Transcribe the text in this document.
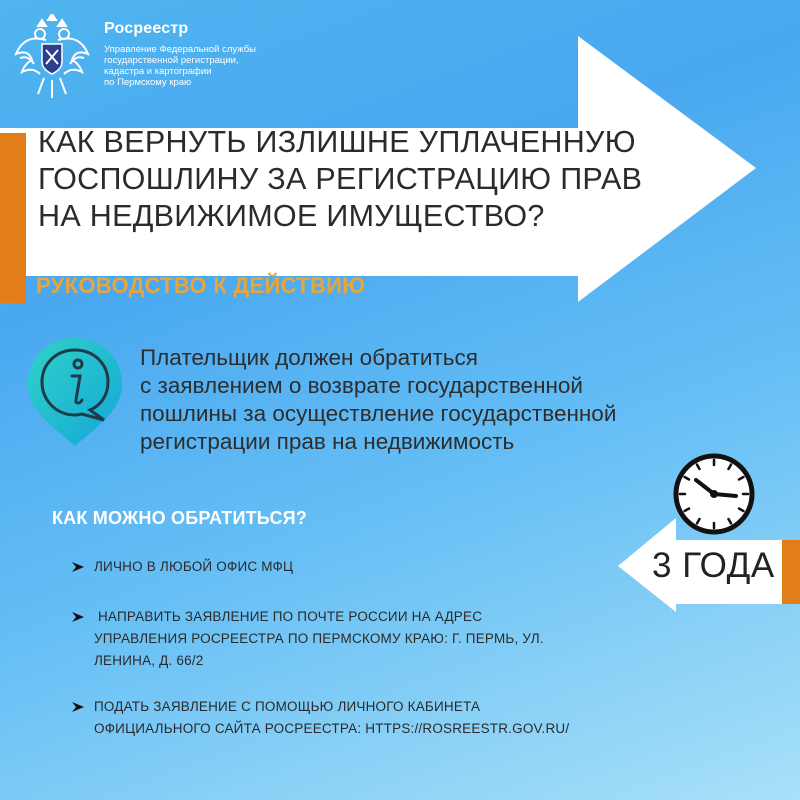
Росреестр
Управление Федеральной службы
государственной регистрации,
кадастра и картографии
по Пермскому краю
КАК ВЕРНУТЬ ИЗЛИШНЕ УПЛАЧЕННУЮ
ГОСПОШЛИНУ ЗА РЕГИСТРАЦИЮ ПРАВ
НА НЕДВИЖИМОЕ ИМУЩЕСТВО?
РУКОВОДСТВО К ДЕЙСТВИЮ
Плательщик должен обратиться
с заявлением о возврате государственной
пошлины за осуществление государственной
регистрации прав на недвижимость
3 ГОДА
КАК МОЖНО ОБРАТИТЬСЯ?
ЛИЧНО В ЛЮБОЙ ОФИС МФЦ
НАПРАВИТЬ ЗАЯВЛЕНИЕ ПО ПОЧТЕ РОССИИ НА АДРЕС
УПРАВЛЕНИЯ РОСРЕЕСТРА ПО ПЕРМСКОМУ КРАЮ: Г. ПЕРМЬ, УЛ.
ЛЕНИНА, Д. 66/2
ПОДАТЬ ЗАЯВЛЕНИЕ С ПОМОЩЬЮ ЛИЧНОГО КАБИНЕТА
ОФИЦИАЛЬНОГО САЙТА РОСРЕЕСТРА: HTTPS://ROSREESTR.GOV.RU/
